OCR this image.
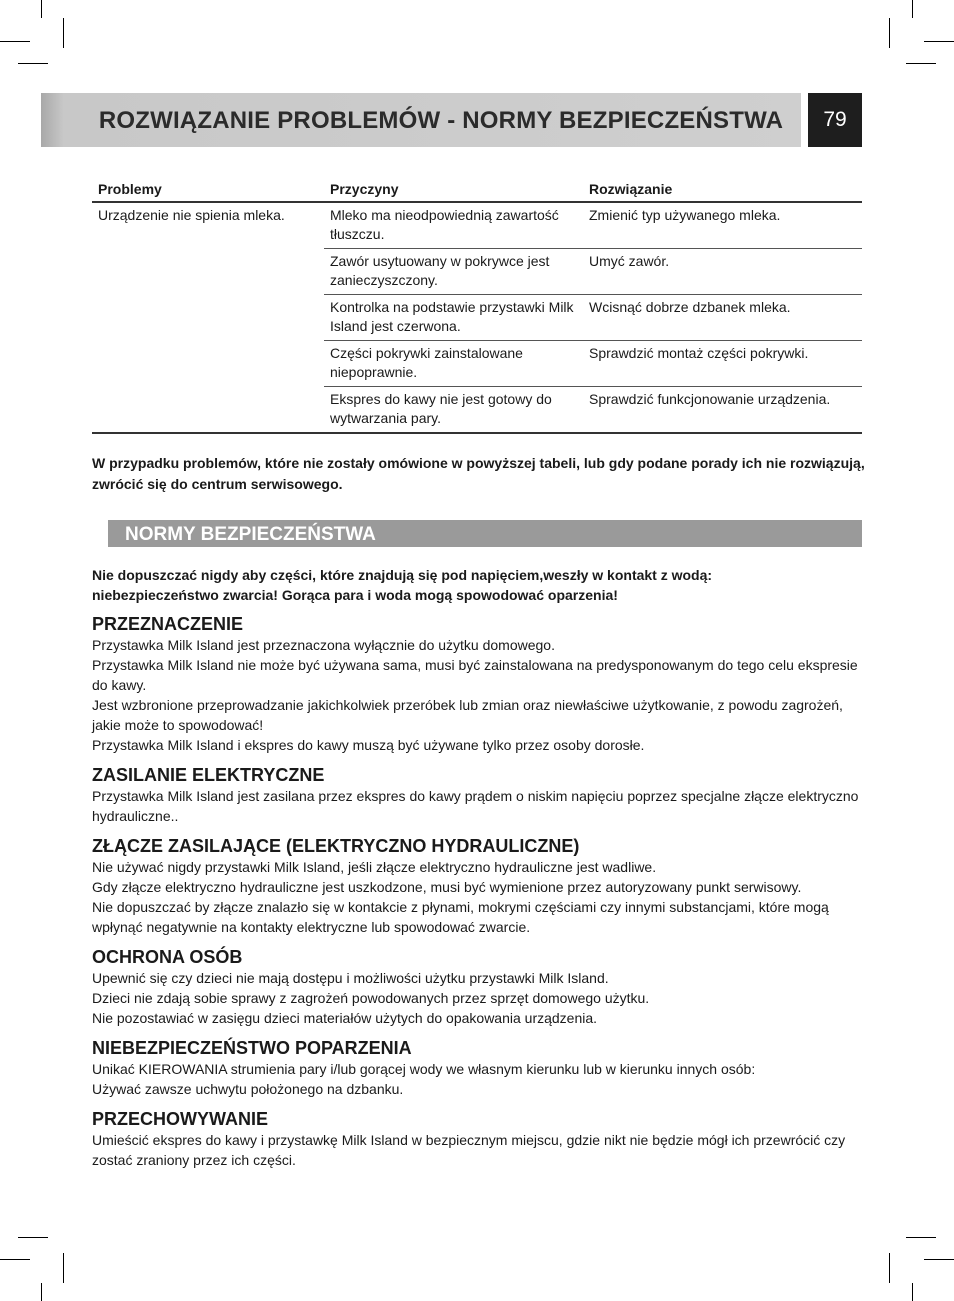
ROZWIĄZANIE PROBLEMÓW - NORMY BEZPIECZEŃSTWA	79
Problemy	Przyczyny	Rozwiązanie
Urządzenie nie spienia mleka.	Mleko ma nieodpowiednią zawartość tłuszczu.	Zmienić typ używanego mleka.
	Zawór usytuowany w pokrywce jest zanieczyszczony.	Umyć zawór.
	Kontrolka na podstawie przystawki Milk Island jest czerwona.	Wcisnąć dobrze dzbanek mleka.
	Części pokrywki zainstalowane niepoprawnie.	Sprawdzić montaż części pokrywki.
	Ekspres do kawy nie jest gotowy do wytwarzania pary.	Sprawdzić funkcjonowanie urządzenia.
W przypadku problemów, które nie zostały omówione w powyższej tabeli, lub gdy podane porady ich nie rozwiązują, zwrócić się do centrum serwisowego.
NORMY BEZPIECZEŃSTWA
Nie dopuszczać nigdy aby części, które znajdują się pod napięciem,weszły w kontakt z wodą:
niebezpieczeństwo zwarcia! Gorąca para i woda mogą spowodować oparzenia!
PRZEZNACZENIE

Przystawka Milk Island jest przeznaczona wyłącznie do użytku domowego.

Przystawka Milk Island nie może być używana sama, musi być zainstalowana na predysponowanym do tego celu ekspresie do kawy.

Jest wzbronione przeprowadzanie jakichkolwiek przeróbek lub zmian oraz niewłaściwe użytkowanie, z powodu zagrożeń, jakie może to spowodować!

Przystawka Milk Island i ekspres do kawy muszą być używane tylko przez osoby dorosłe.

ZASILANIE ELEKTRYCZNE

Przystawka Milk Island jest zasilana przez ekspres do kawy prądem o niskim napięciu poprzez specjalne złącze elektryczno hydrauliczne..

ZŁĄCZE ZASILAJĄCE (ELEKTRYCZNO HYDRAULICZNE)

Nie używać nigdy przystawki Milk Island, jeśli złącze elektryczno hydrauliczne jest wadliwe.

Gdy złącze elektryczno hydrauliczne jest uszkodzone, musi być wymienione przez autoryzowany punkt serwisowy.

Nie dopuszczać by złącze znalazło się w kontakcie z płynami, mokrymi częściami czy innymi substancjami, które mogą wpłynąć negatywnie na kontakty elektryczne lub spowodować zwarcie.

OCHRONA OSÓB

Upewnić się czy dzieci nie mają dostępu i możliwości użytku przystawki Milk Island.

Dzieci nie zdają sobie sprawy z zagrożeń powodowanych przez sprzęt domowego użytku.

Nie pozostawiać w zasięgu dzieci materiałów użytych do opakowania urządzenia.

NIEBEZPIECZEŃSTWO POPARZENIA

Unikać KIEROWANIA strumienia pary i/lub gorącej wody we własnym kierunku lub w kierunku innych osób:

Używać zawsze uchwytu położonego na dzbanku.

PRZECHOWYWANIE

Umieścić ekspres do kawy i przystawkę Milk Island w bezpiecznym miejscu, gdzie nikt nie będzie mógł ich przewrócić czy zostać zraniony przez ich części.
